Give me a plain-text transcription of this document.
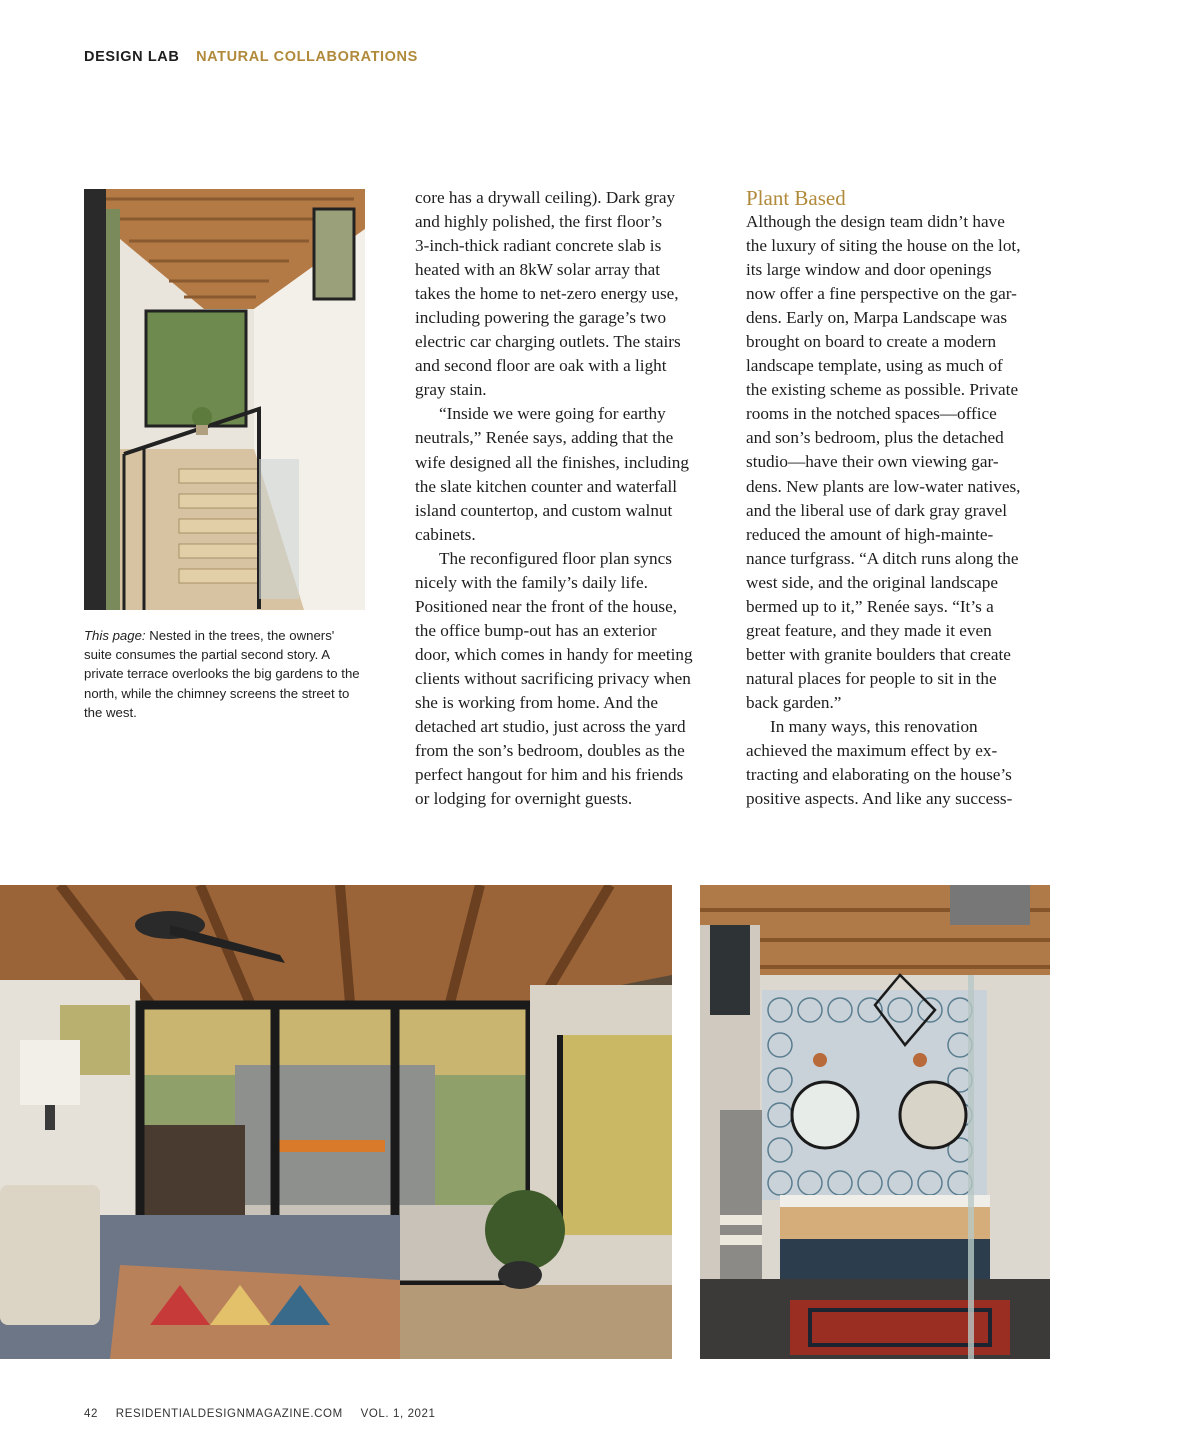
DESIGN LAB NATURAL COLLABORATIONS
This page: Nested in the trees, the owners' suite consumes the partial second story. A private terrace overlooks the big gardens to the north, while the chimney screens the street to the west.
core has a drywall ceiling). Dark gray
and highly polished, the first floor’s
3-inch-thick radiant concrete slab is
heated with an 8kW solar array that
takes the home to net-zero energy use,
including powering the garage’s two
electric car charging outlets. The stairs
and second floor are oak with a light
gray stain.
“Inside we were going for earthy
neutrals,” Renée says, adding that the
wife designed all the finishes, including
the slate kitchen counter and waterfall
island countertop, and custom walnut
cabinets.
The reconfigured floor plan syncs
nicely with the family’s daily life.
Positioned near the front of the house,
the office bump-out has an exterior
door, which comes in handy for meeting
clients without sacrificing privacy when
she is working from home. And the
detached art studio, just across the yard
from the son’s bedroom, doubles as the
perfect hangout for him and his friends
or lodging for overnight guests.
Plant Based
Although the design team didn’t have
the luxury of siting the house on the lot,
its large window and door openings
now offer a fine perspective on the gar-
dens. Early on, Marpa Landscape was
brought on board to create a modern
landscape template, using as much of
the existing scheme as possible. Private
rooms in the notched spaces—office
and son’s bedroom, plus the detached
studio—have their own viewing gar-
dens. New plants are low-water natives,
and the liberal use of dark gray gravel
reduced the amount of high-mainte-
nance turfgrass. “A ditch runs along the
west side, and the original landscape
bermed up to it,” Renée says. “It’s a
great feature, and they made it even
better with granite boulders that create
natural places for people to sit in the
back garden.”
In many ways, this renovation
achieved the maximum effect by ex-
tracting and elaborating on the house’s
positive aspects. And like any success-
42 RESIDENTIALDESIGNMAGAZINE.COM VOL. 1, 2021
